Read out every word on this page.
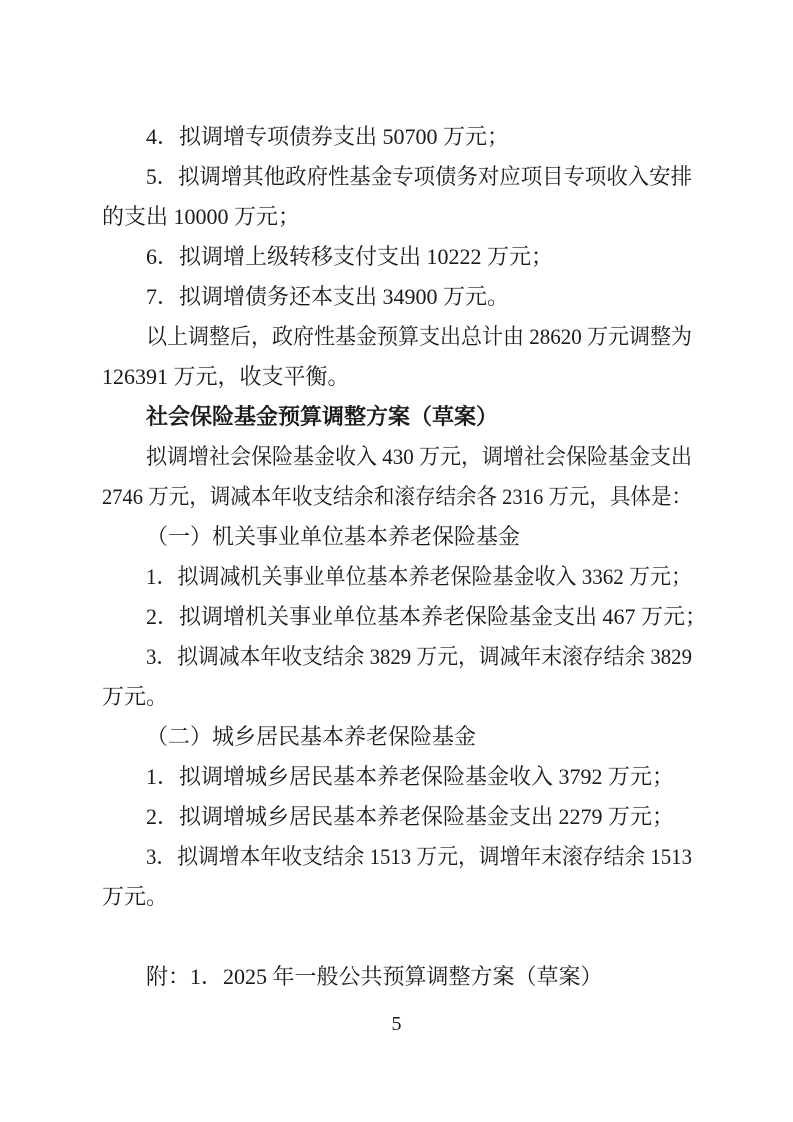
4．拟调增专项债券支出 50700 万元；
5．拟调增其他政府性基金专项债务对应项目专项收入安排
的支出 10000 万元；
6．拟调增上级转移支付支出 10222 万元；
7．拟调增债务还本支出 34900 万元。
以上调整后，政府性基金预算支出总计由 28620 万元调整为
126391 万元，收支平衡。
社会保险基金预算调整方案（草案）
拟调增社会保险基金收入 430 万元，调增社会保险基金支出
2746 万元，调减本年收支结余和滚存结余各 2316 万元，具体是：
（一）机关事业单位基本养老保险基金
1．拟调减机关事业单位基本养老保险基金收入 3362 万元；
2．拟调增机关事业单位基本养老保险基金支出 467 万元；
3．拟调减本年收支结余 3829 万元，调减年末滚存结余 3829
万元。
（二）城乡居民基本养老保险基金
1．拟调增城乡居民基本养老保险基金收入 3792 万元；
2．拟调增城乡居民基本养老保险基金支出 2279 万元；
3．拟调增本年收支结余 1513 万元，调增年末滚存结余 1513
万元。
附：1．2025 年一般公共预算调整方案（草案）
5
